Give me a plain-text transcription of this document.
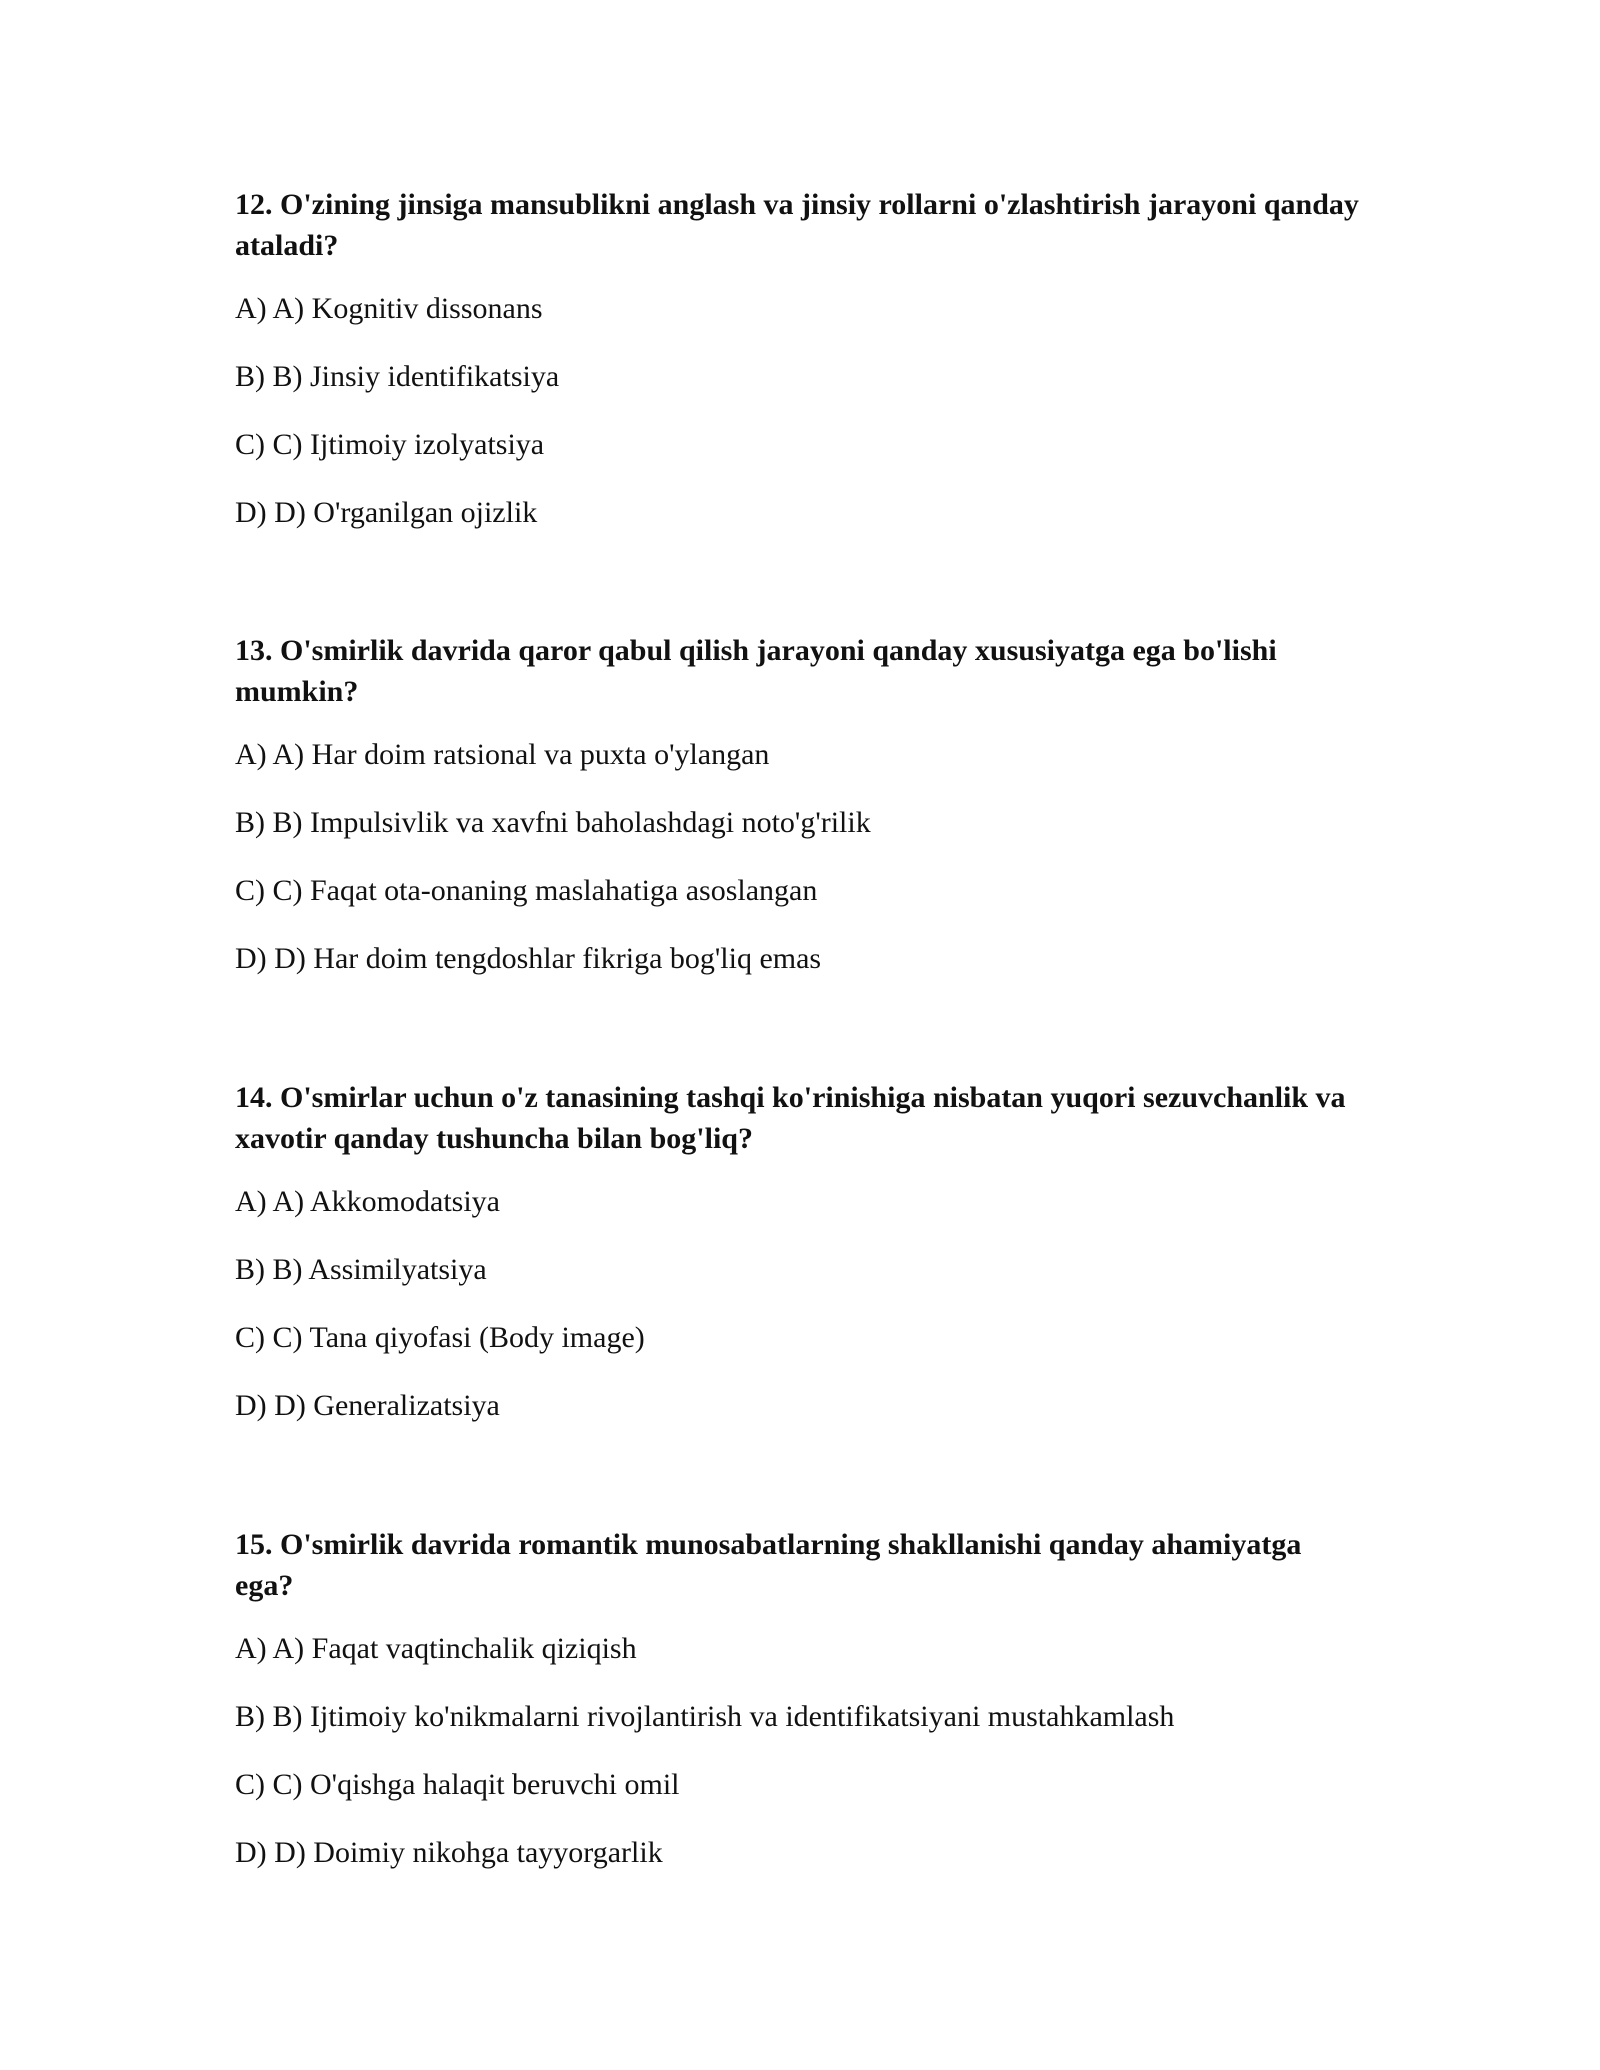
12. O'zining jinsiga mansublikni anglash va jinsiy rollarni o'zlashtirish jarayoni qanday ataladi?

A) A) Kognitiv dissonans
B) B) Jinsiy identifikatsiya
C) C) Ijtimoiy izolyatsiya
D) D) O'rganilgan ojizlik

13. O'smirlik davrida qaror qabul qilish jarayoni qanday xususiyatga ega bo'lishi mumkin?

A) A) Har doim ratsional va puxta o'ylangan
B) B) Impulsivlik va xavfni baholashdagi noto'g'rilik
C) C) Faqat ota-onaning maslahatiga asoslangan
D) D) Har doim tengdoshlar fikriga bog'liq emas

14. O'smirlar uchun o'z tanasining tashqi ko'rinishiga nisbatan yuqori sezuvchanlik va xavotir qanday tushuncha bilan bog'liq?

A) A) Akkomodatsiya
B) B) Assimilyatsiya
C) C) Tana qiyofasi (Body image)
D) D) Generalizatsiya

15. O'smirlik davrida romantik munosabatlarning shakllanishi qanday ahamiyatga ega?

A) A) Faqat vaqtinchalik qiziqish
B) B) Ijtimoiy ko'nikmalarni rivojlantirish va identifikatsiyani mustahkamlash
C) C) O'qishga halaqit beruvchi omil
D) D) Doimiy nikohga tayyorgarlik
